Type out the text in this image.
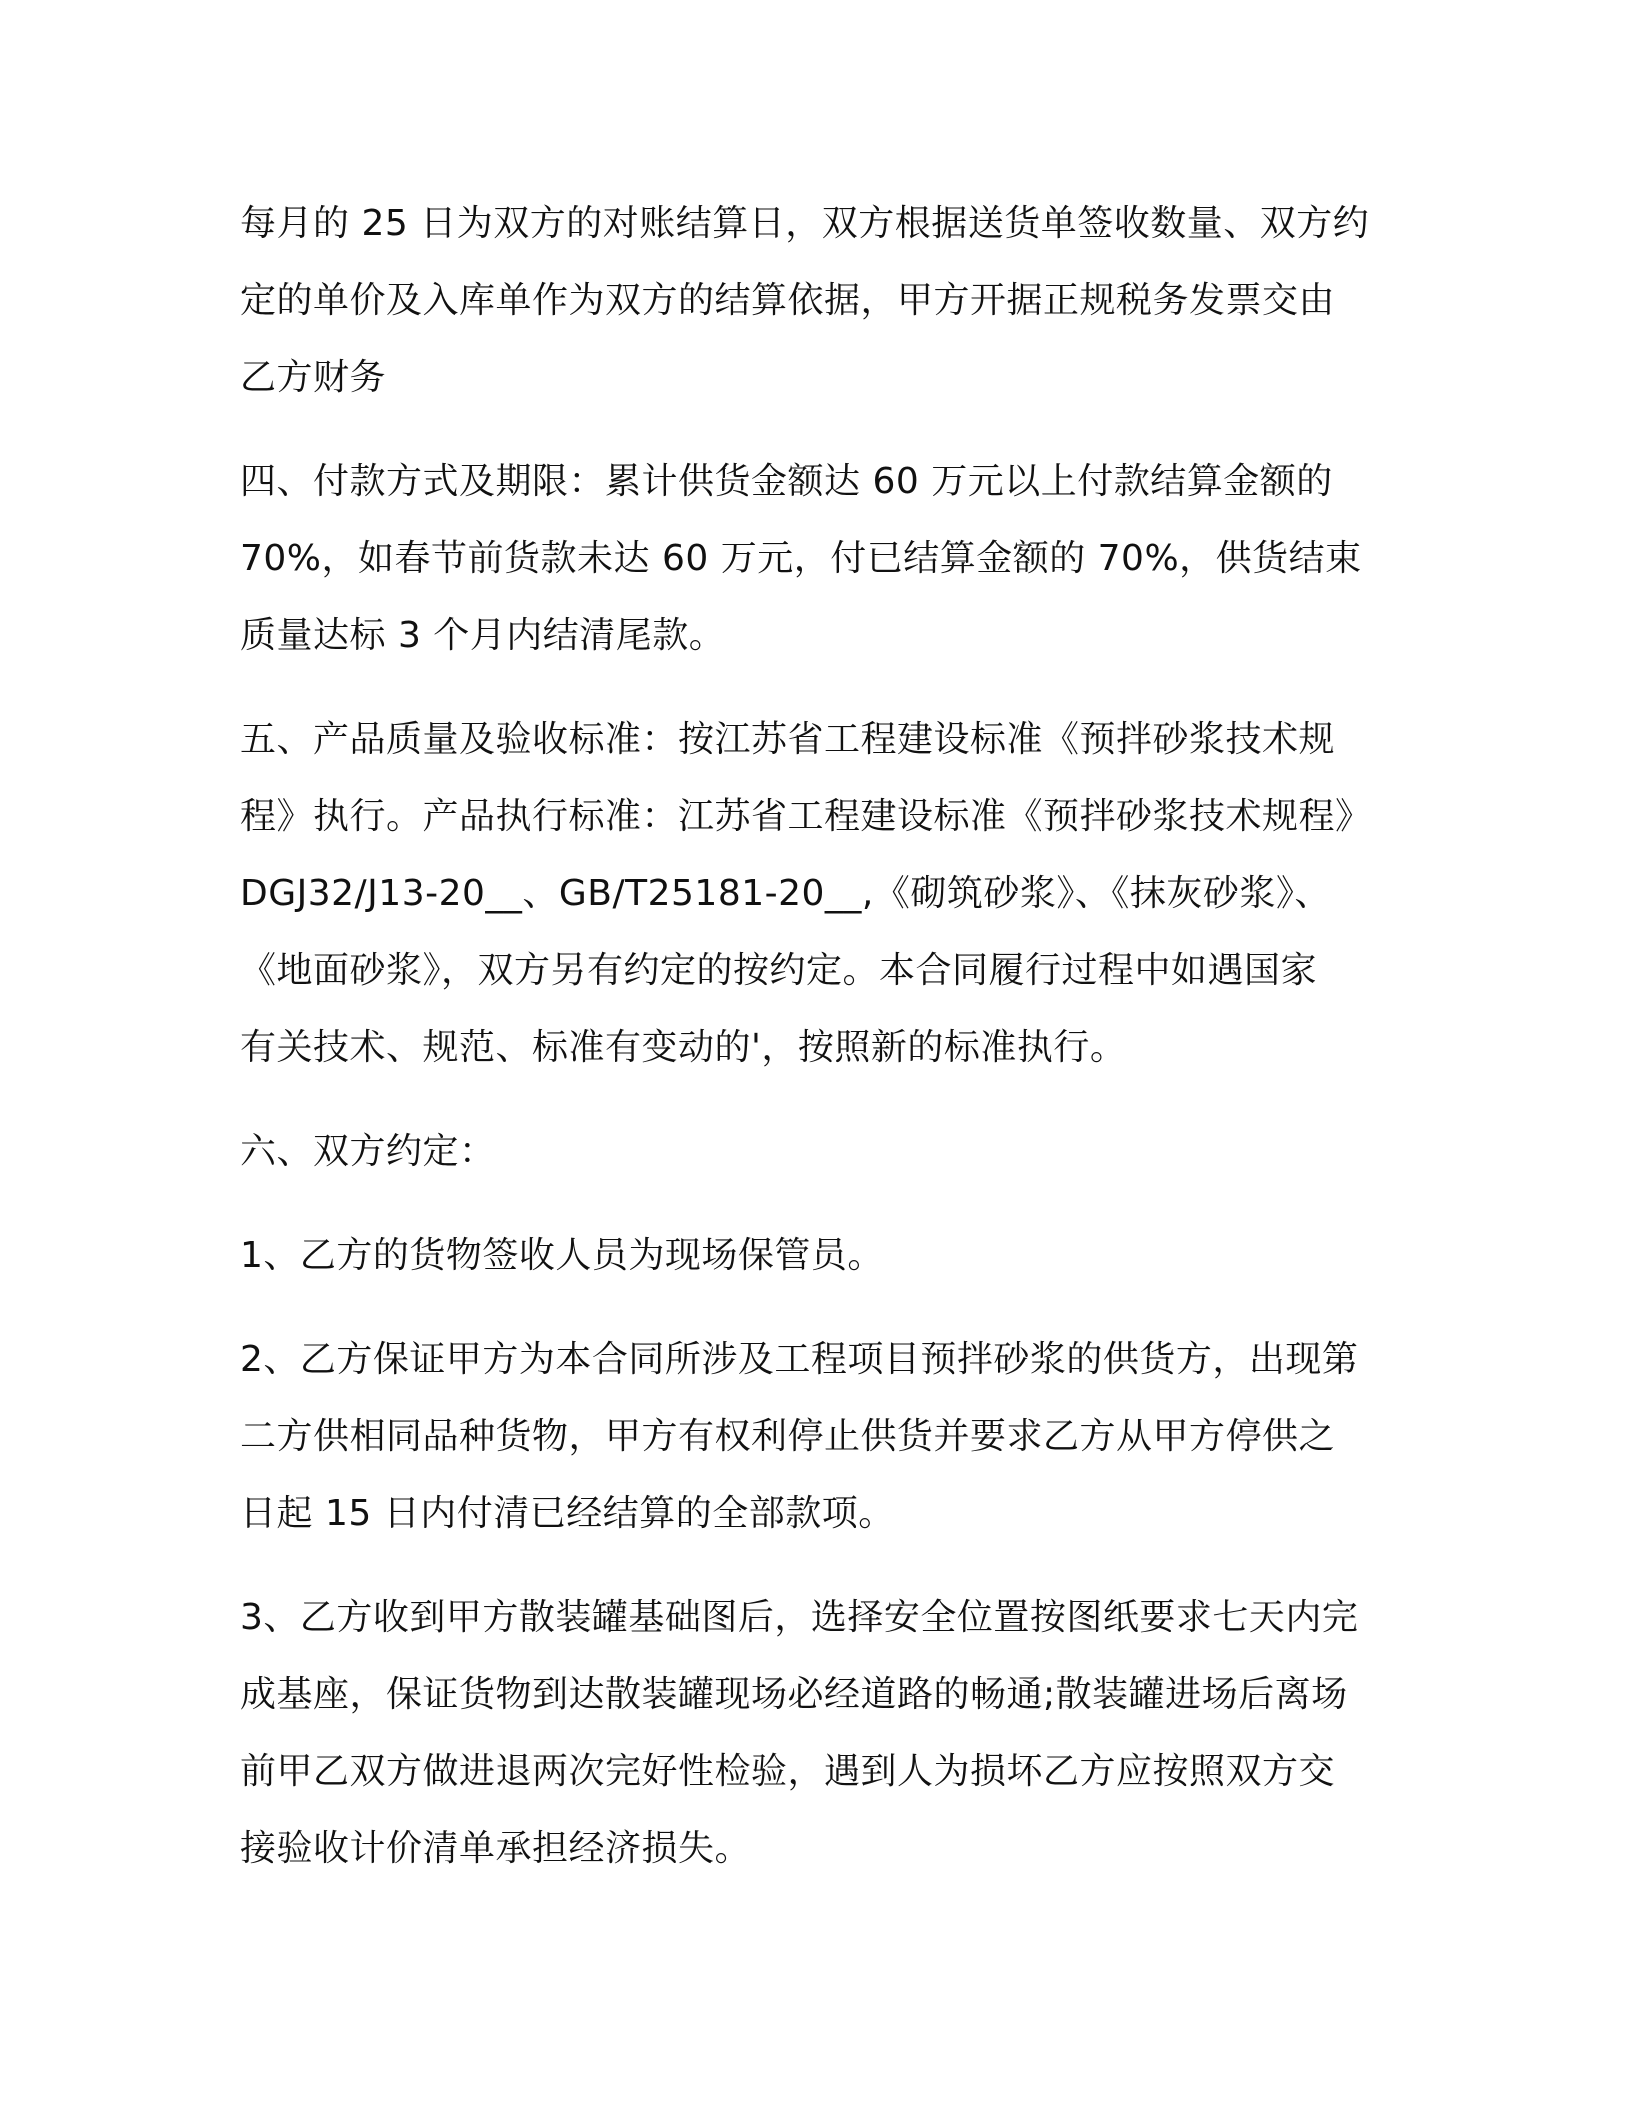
每月的 25 日为双方的对账结算日，双方根据送货单签收数量、双方约
定的单价及入库单作为双方的结算依据，甲方开据正规税务发票交由
乙方财务
四、付款方式及期限：累计供货金额达 60 万元以上付款结算金额的
70%，如春节前货款未达 60 万元，付已结算金额的 70%，供货结束
质量达标 3 个月内结清尾款。
五、产品质量及验收标准：按江苏省工程建设标准《预拌砂浆技术规
程》执行。产品执行标准：江苏省工程建设标准《预拌砂浆技术规程》
DGJ32/J13-20__、GB/T25181-20__,《砌筑砂浆》、《抹灰砂浆》、
《地面砂浆》，双方另有约定的按约定。本合同履行过程中如遇国家
有关技术、规范、标准有变动的'，按照新的标准执行。
六、双方约定：
1、乙方的货物签收人员为现场保管员。
2、乙方保证甲方为本合同所涉及工程项目预拌砂浆的供货方，出现第
二方供相同品种货物，甲方有权利停止供货并要求乙方从甲方停供之
日起 15 日内付清已经结算的全部款项。
3、乙方收到甲方散装罐基础图后，选择安全位置按图纸要求七天内完
成基座，保证货物到达散装罐现场必经道路的畅通;散装罐进场后离场
前甲乙双方做进退两次完好性检验，遇到人为损坏乙方应按照双方交
接验收计价清单承担经济损失。
